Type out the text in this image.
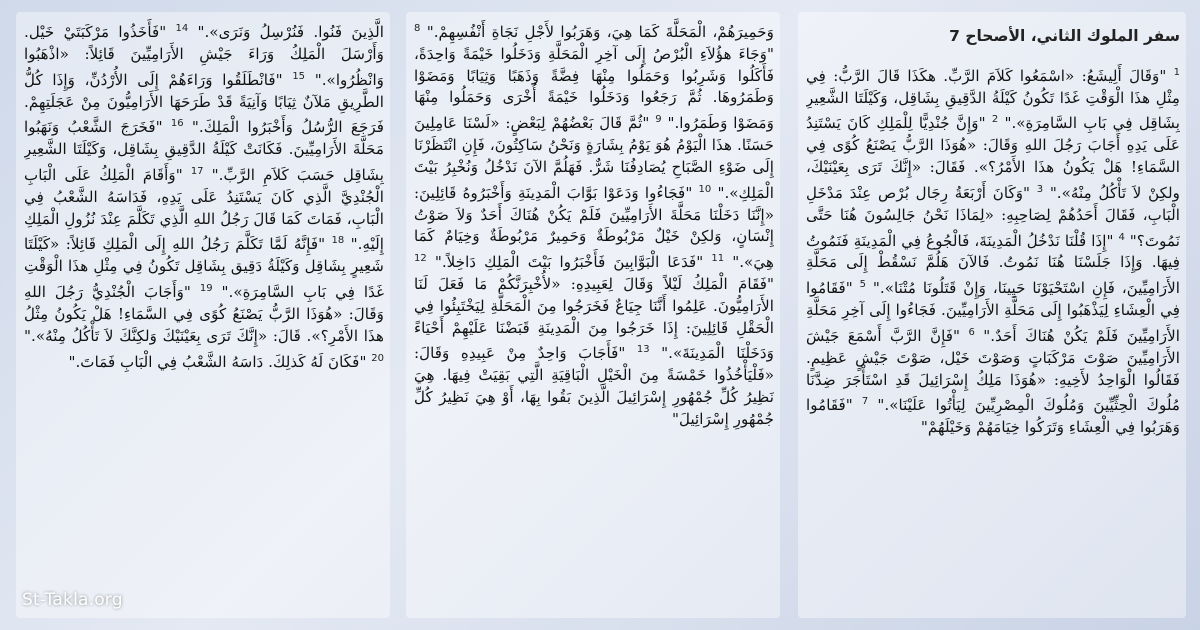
سفر الملوك الثاني، الأصحاح 7
$^1$ "وَقَالَ أَلِيشَعُ: «اسْمَعُوا كَلاَمَ الرَّبِّ. هكَذَا قَالَ الرَّبُّ: فِي مِثْلِ هذَا الْوَقْتِ غَدًا تَكُونُ كَيْلَةُ الدَّقِيقِ بِشَاقِل، وَكَيْلَتَا الشَّعِيرِ بِشَاقِل فِي بَابِ السَّامِرَةِ»." $^2$ "وَإِنَّ جُنْدِيًّا لِلْمَلِكِ كَانَ يَسْتَنِدُ عَلَى يَدِهِ أَجَابَ رَجُلَ اللهِ وَقَالَ: «هُوَذَا الرَّبُّ يَصْنَعُ كُوًى فِي السَّمَاءِ! هَلْ يَكُونُ هذَا الأَمْرُ؟». فَقَالَ: «إِنَّكَ تَرَى بِعَيْنَيْكَ، ولكِنْ لاَ تَأْكُلُ مِنْهُ»." $^3$ "وَكَانَ أَرْبَعَةُ رِجَال بُرْص عِنْدَ مَدْخَلِ الْبَابِ، فَقَالَ أَحَدُهُمْ لِصَاحِبِهِ: «لِمَاذَا نَحْنُ جَالِسُونَ هُنَا حَتَّى نَمُوتَ؟" $^4$ "إِذَا قُلْنَا نَدْخُلُ الْمَدِينَةَ، فَالْجُوعُ فِي الْمَدِينَةِ فَنَمُوتُ فِيهَا. وَإِذَا جَلَسْنَا هُنَا نَمُوتُ. فَالآنَ هَلُمَّ نَسْقُطْ إِلَى مَحَلَّةِ الأَرَامِيِّينَ، فَإِنِ اسْتَحْيَوْنَا حَيِينَا، وَإِنْ قَتَلُونَا مُتْنَا»." $^5$ "فَقَامُوا فِي الْعِشَاءِ لِيَذْهَبُوا إِلَى مَحَلَّةِ الأَرَامِيِّينَ. فَجَاءُوا إِلَى آخِرِ مَحَلَّةِ الأَرَامِيِّينَ فَلَمْ يَكُنْ هُنَاكَ أَحَدٌ." $^6$ "فَإِنَّ الرَّبَّ أَسْمَعَ جَيْشَ الأَرَامِيِّينَ صَوْتَ مَرْكَبَاتٍ وَصَوْتَ خَيْل، صَوْتَ جَيْشٍ عَظِيمٍ. فَقَالُوا الْوَاحِدُ لأَخِيهِ: «هُوَذَا مَلِكُ إِسْرَائِيلَ قَدِ اسْتَأْجَرَ ضِدَّنَا مُلُوكَ الْحِثِّيِّينَ وَمُلُوكَ الْمِصْرِيِّينَ لِيَأْتُوا عَلَيْنَا»." $^7$ "فَقَامُوا وَهَرَبُوا فِي الْعِشَاءِ وَتَرَكُوا خِيَامَهُمْ وَخَيْلَهُمْ"
وَحَمِيرَهُمْ، الْمَحَلَّةَ كَمَا هِيَ، وَهَرَبُوا لأَجْلِ نَجَاةِ أَنْفُسِهِمْ." $^8$ "وَجَاءَ هؤُلاَءِ الْبُرْصُ إِلَى آخِرِ الْمَحَلَّةِ وَدَخَلُوا خَيْمَةً وَاحِدَةً، فَأَكَلُوا وَشَرِبُوا وَحَمَلُوا مِنْهَا فِضَّةً وَذَهَبًا وَثِيَابًا وَمَضَوْا وَطَمَرُوهَا. ثُمَّ رَجَعُوا وَدَخَلُوا خَيْمَةً أُخْرَى وَحَمَلُوا مِنْهَا وَمَضَوْا وَطَمَرُوا." $^9$ "ثُمَّ قَالَ بَعْضُهُمْ لِبَعْضٍ: «لَسْنَا عَامِلِينَ حَسَنًا. هذَا الْيَوْمُ هُوَ يَوْمُ بِشَارَةٍ وَنَحْنُ سَاكِتُونَ، فَإِنِ انْتَظَرْنَا إِلَى ضَوْءِ الصَّبَاحِ يُصَادِفُنَا شَرٌّ. فَهَلُمَّ الآنَ نَدْخُلُ وَنُخْبِرُ بَيْتَ الْمَلِكِ»." $^{10}$ "فَجَاءُوا وَدَعَوْا بَوَّابَ الْمَدِينَةِ وَأَخْبَرُوهُ قَائِلِينَ: «إِنَّنَا دَخَلْنَا مَحَلَّةَ الأَرَامِيِّينَ فَلَمْ يَكُنْ هُنَاكَ أَحَدٌ وَلاَ صَوْتُ إِنْسَانٍ، وَلكِنْ خَيْلٌ مَرْبُوطَةٌ وَحَمِيرٌ مَرْبُوطَةٌ وَخِيَامٌ كَمَا هِيَ»." $^{11}$ "فَدَعَا الْبَوَّابِينَ فَأَخْبَرُوا بَيْتَ الْمَلِكِ دَاخِلاً." $^{12}$ "فَقَامَ الْمَلِكُ لَيْلاً وَقَالَ لِعَبِيدِهِ: «لأُخْبِرَنَّكُمْ مَا فَعَلَ لَنَا الأَرَامِيُّونَ. عَلِمُوا أَنَّنَا جِيَاعٌ فَخَرَجُوا مِنَ الْمَحَلَّةِ لِيَخْتَبِئُوا فِي الْحَقْلِ قَائِلِينَ: إِذَا خَرَجُوا مِنَ الْمَدِينَةِ قَبَضْنَا عَلَيْهِمْ أَحْيَاءً وَدَخَلْنَا الْمَدِينَةَ»." $^{13}$ "فَأَجَابَ وَاحِدٌ مِنْ عَبِيدِهِ وَقَالَ: «فَلْيَأْخُذُوا خَمْسَةً مِنَ الْخَيْلِ الْبَاقِيَةِ الَّتِي بَقِيَتْ فِيهَا. هِيَ نَظِيرُ كُلِّ جُمْهُورِ إِسْرَائِيلَ الَّذِينَ بَقُوا بِهَا، أَوْ هِيَ نَظِيرُ كُلِّ جُمْهُورِ إِسْرَائِيلَ"
الَّذِينَ فَنُوا. فَنُرْسِلُ وَنَرَى»." $^{14}$ "فَأَخَذُوا مَرْكَبَتَيْ خَيْل. وَأَرْسَلَ الْمَلِكُ وَرَاءَ جَيْشِ الأَرَامِيِّينَ قَائِلاً: «اذْهَبُوا وَانْظُرُوا»." $^{15}$ "فَانْطَلَقُوا وَرَاءَهُمْ إِلَى الأُرْدُنِّ، وَإِذَا كُلُّ الطَّرِيقِ مَلآنٌ ثِيَابًا وَآنِيَةً قَدْ طَرَحَهَا الأَرَامِيُّونَ مِنْ عَجَلَتِهِمْ. فَرَجَعَ الرُّسُلُ وَأَخْبَرُوا الْمَلِكَ." $^{16}$ "فَخَرَجَ الشَّعْبُ وَنَهَبُوا مَحَلَّةَ الأَرَامِيِّينَ. فَكَانَتْ كَيْلَةُ الدَّقِيقِ بِشَاقِل، وَكَيْلَتَا الشَّعِيرِ بِشَاقِل حَسَبَ كَلاَمِ الرَّبِّ." $^{17}$ "وَأَقَامَ الْمَلِكُ عَلَى الْبَابِ الْجُنْدِيَّ الَّذِي كَانَ يَسْتَنِدُ عَلَى يَدِهِ، فَدَاسَهُ الشَّعْبُ فِي الْبَابِ، فَمَاتَ كَمَا قَالَ رَجُلُ اللهِ الَّذِي تَكَلَّمَ عِنْدَ نُزُولِ الْمَلِكِ إِلَيْهِ." $^{18}$ "فَإِنَّهُ لَمَّا تَكَلَّمَ رَجُلُ اللهِ إِلَى الْمَلِكِ قَائِلاً: «كَيْلَتَا شَعِيرٍ بِشَاقِل وَكَيْلَةُ دَقِيق بِشَاقِل تَكُونُ فِي مِثْلِ هذَا الْوَقْتِ غَدًا فِي بَابِ السَّامِرَةِ»." $^{19}$ "وَأَجَابَ الْجُنْدِيُّ رَجُلَ اللهِ وَقَالَ: «هُوَذَا الرَّبُّ يَصْنَعُ كُوًى فِي السَّمَاءِ! هَلْ يَكُونُ مِثْلُ هذَا الأَمْرِ؟». قَالَ: «إِنَّكَ تَرَى بِعَيْنَيْكَ وَلكِنَّكَ لاَ تَأْكُلُ مِنْهُ»." $^{20}$ "فَكَانَ لَهُ كَذلِكَ. دَاسَهُ الشَّعْبُ فِي الْبَابِ فَمَاتَ."
St-Takla.org
